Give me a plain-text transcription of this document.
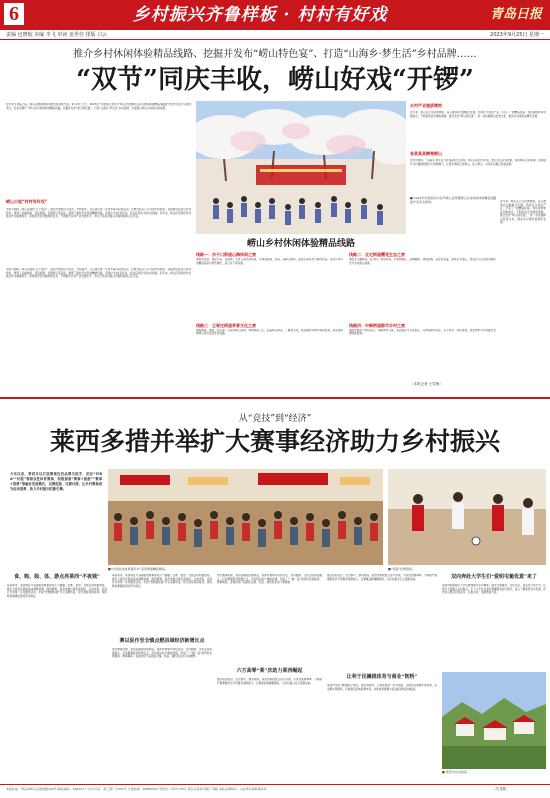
6	乡村振兴齐鲁样板 · 村村有好戏	青岛日报
责编 包晓航 美编 李飞 审读 姜世佳 排版 白云	2023年9月25日 星期一
推介乡村休闲体验精品线路、挖掘并发布“崂山特色宴”、打造“山海乡·梦生活”乡村品牌……
“双节”同庆丰收，崂山好戏“开锣”
在丰收节来临之际，崂山区旅游休闲季的热度持续升温。9月23日上午，2023年“中国农民丰收节”崂山会场暨崂山乡村休闲体验精品线路推介发布会在北宅街道举行，发布会推介了崂山乡村休闲体验精品线路，挖掘并发布“崂山特色宴”，打造“山海乡·梦生活”乡村品牌，全面展示崂山乡村振兴新成果。
崂山大地“村村有好戏”
丰收节期间，崂山区围绕“五个振兴”，组织开展农民运动会、丰收集市、文艺演出等一系列丰富多彩的活动，让群众在家门口共享丰收喜悦。各街道社区结合自身特色，策划了采摘体验、民俗展演、非遗展示等活动，展现了新时代农民的精神风貌，呈现出“村村有好戏、处处有风景”的生动局面。近年来，崂山区坚持把乡村振兴作为重要抓手，积极培育乡村旅游新业态，不断提升乡村产业发展水平，努力打造乡村振兴齐鲁样板崂山示范区。
■ 2023年中国农民丰收节崂山会场暨崂山乡村休闲体验精品线路推介发布会现场。
乡村产业提质增效
近年来，崂山区立足资源禀赋，深入推进农文旅融合发展，培育壮大特色产业，打造了一批精品民宿、特色餐饮和乡村旅游点，不断拓宽农民增收渠道。通过发布“崂山特色宴”，进一步挖掘崂山饮食文化，推动乡村餐饮品牌化发展。
各美其美擦亮崂山
发布会现场，“山海乡·梦生活”乡村品牌正式亮相，崂山将以此为引领，整合全区乡村资源，讲好崂山乡村故事，持续提升乡村旅游的吸引力和影响力，让更多游客走进崂山、爱上崂山，共享乡村振兴发展成果。
近年来，崂山区立足资源禀赋，深入推进农文旅融合发展，培育壮大特色产业，打造了一批精品民宿、特色餐饮和乡村旅游点，不断拓宽农民增收渠道。通过发布“崂山特色宴”，进一步挖掘崂山饮食文化，推动乡村餐饮品牌化发展。
崂山乡村休闲体验精品线路
线路一：沙子口街道山海休闲之旅
途经东麦窑、南窑半岛、流清湾、石老人海水浴场等，可体验赶海、采茶、品崂山绿茶，感受山海风光与渔村民俗，沿线分布多家精品民宿与特色餐饮，适合亲子家庭游。
线路二：北宅街道樱花生态之旅
途经北宅樱桃谷、卧龙村、晖流村等，可观赏樱花、采摘樱桃、体验农耕，品尝农家宴，游览生态景区，感受北宅山乡的田园风光与乡村振兴成果。
线路三：王哥庄街道茶香文化之旅
途经晓望、港东、仰口等，可探访崂山茶园，体验制茶工艺，品鉴崂山绿茶，了解茶文化，感受渔村风情与海岸景观，是深度体验崂山茶文化的优选线路。
线路四：中韩街道都市乡村之旅
途经中韩多个特色社区，串联城市公园、农业园区与文化街区，可体验都市农业、亲子研学、特色美食，感受城市与乡村融合发展的新面貌。
丰收节期间，崂山区围绕“五个振兴”，组织开展农民运动会、丰收集市、文艺演出等一系列丰富多彩的活动，让群众在家门口共享丰收喜悦。各街道社区结合自身特色，策划了采摘体验、民俗展演、非遗展示等活动，展现了新时代农民的精神风貌，呈现出“村村有好戏、处处有风景”的生动局面。近年来，崂山区坚持把乡村振兴作为重要抓手，积极培育乡村旅游新业态，不断提升乡村产业发展水平，努力打造乡村振兴齐鲁样板崂山示范区。
（本报记者 王雪梅）
从“竞技”到“经济”
莱西多措并举扩大赛事经济助力乡村振兴
今年以来，莱西市以打造赛事经济品牌为抓手，依托“村BA”“村超”等群众性体育赛事，积极探索“赛事+旅游”“赛事+消费”等融合发展模式，以赛促旅、以赛兴商，让乡村赛事成为拉动消费、助力乡村振兴的新引擎。
■“中国农村体育嘉年华”莱西赛事精彩瞬间。	■“村超”比赛现场。
食、购、娱、体、游点亮莱西“不夜城”
每到周末，莱西城区与各镇街的赛事现场人气爆棚，比赛、美食、文娱活动轮番登场，吸引大批市民游客前来观赛消费。围绕赛事，莱西市推出特色美食街、文创市集、夜间灯光秀等一系列配套活动，丰富“食购娱体游”多元消费场景，延长游客停留时间，持续释放赛事经济的带动效应。
每到周末，莱西城区与各镇街的赛事现场人气爆棚，比赛、美食、文娱活动轮番登场，吸引大批市民游客前来观赛消费。围绕赛事，莱西市推出特色美食街、文创市集、夜间灯光秀等一系列配套活动，丰富“食购娱体游”多元消费场景，延长游客停留时间，持续释放赛事经济的带动效应。
赛以促作至全镇点燃县域经济新增长点
依托赛事资源，莱西各镇街因地制宜，将体育赛事与特色农业、乡村旅游、文化活动深度融合，打造赛事经济新增长点，带动周边农户增收致富，形成了“一镇一品”的特色发展格局。赛事期间，各地农特产品销售火爆，民宿、餐饮等业态订单激增。
依托赛事资源，莱西各镇街因地制宜，将体育赛事与特色农业、乡村旅游、文化活动深度融合，打造赛事经济新增长点，带动周边农户增收致富，形成了“一镇一品”的特色发展格局。赛事期间，各地农特产品销售火爆，民宿、餐饮等业态订单激增。
六方高零“莱”次助力莱西崛起
通过政府搭台、社会参与、群众唱戏，莱西市积极整合各方资源，引进优质赛事IP，不断提升赛事组织水平和服务保障能力，让赛事品牌越擦越亮，为乡村振兴注入强劲动能。
通过政府搭台、社会参与、群众唱戏，莱西市积极整合各方资源，引进优质赛事IP，不断提升赛事组织水平和服务保障能力，让赛事品牌越擦越亮，为乡村振兴注入强劲动能。
让利于民撬提体育与商业“韧桥”
莱西市坚持“赛事惠民”理念，推出消费券、门票优惠等一系列举措，让群众在观赛中得实惠，在消费中享便利，有效激活县域消费市场，实现体育赛事与商业经济的双向赋能。
双向奔赴大学生们“爱明屯葡优意”来了
莱西市积极吸引大学生群体参与乡村赛事，通过志愿服务、文化交流、创意设计等方式，让青年力量融入乡村振兴。不少大学生在参与赛事服务的过程中，深入了解莱西乡村发展，纷纷表示愿意回到家乡、扎根乡村，贡献青春力量。
■ 莱西市乡村美景。
（马龙胜）
本报社址：青岛市崂山区株洲路190号 邮政编码：266101 广告许可证：青工商广字001号 订阅热线：80880000 零售价：每份1.50元 青岛日报社印刷厂印刷 本报法律顾问：山东琴岛律师事务所
